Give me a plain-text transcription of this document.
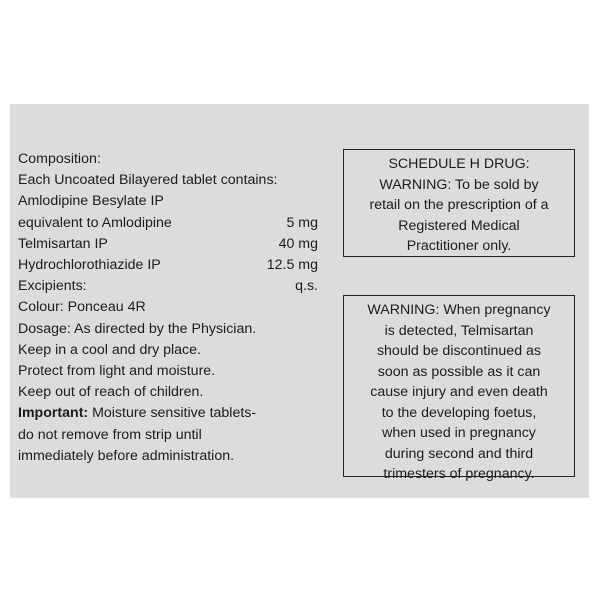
Composition:
Each Uncoated Bilayered tablet contains:
Amlodipine Besylate IP
equivalent to Amlodipine	5 mg
Telmisartan IP	40 mg
Hydrochlorothiazide IP	12.5 mg
Excipients:	q.s.
Colour: Ponceau 4R
Dosage: As directed by the Physician.
Keep in a cool and dry place.
Protect from light and moisture.
Keep out of reach of children.
Important: Moisture sensitive tablets-
do not remove from strip until
immediately before administration.
SCHEDULE H DRUG:
WARNING: To be sold by
retail on the prescription of a
Registered Medical
Practitioner only.
WARNING: When pregnancy
is detected, Telmisartan
should be discontinued as
soon as possible as it can
cause injury and even death
to the developing foetus,
when used in pregnancy
during second and third
trimesters of pregnancy.
